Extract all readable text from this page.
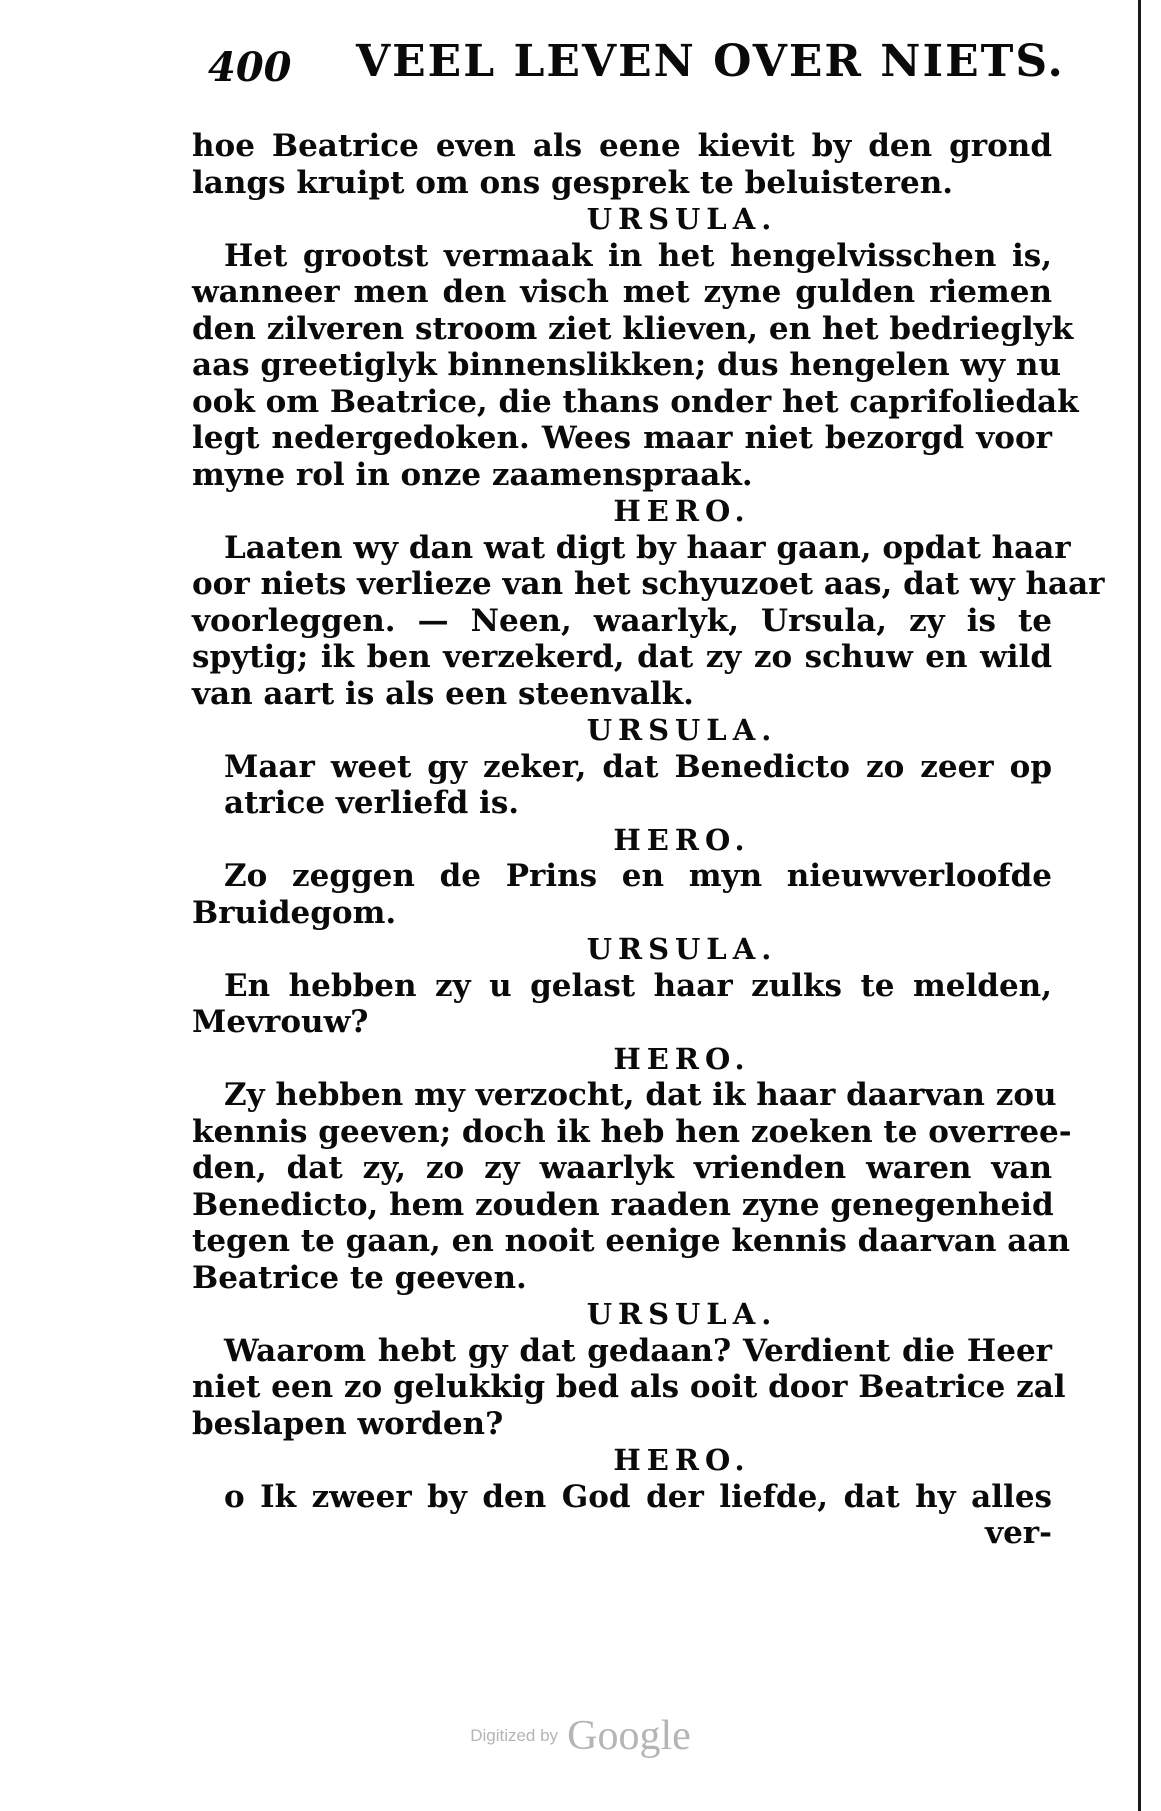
400 VEEL LEVEN OVER NIETS.
hoe Beatrice even als eene kievit by den grond
langs kruipt om ons gesprek te beluisteren.
URSULA.
Het grootst vermaak in het hengelvisschen is,
wanneer men den visch met zyne gulden riemen
den zilveren stroom ziet klieven, en het bedrieglyk
aas greetiglyk binnenslikken; dus hengelen wy nu
ook om Beatrice, die thans onder het caprifoliedak
legt nedergedoken. Wees maar niet bezorgd voor
myne rol in onze zaamenspraak.
HERO.
Laaten wy dan wat digt by haar gaan, opdat haar
oor niets verlieze van het schyuzoet aas, dat wy haar
voorleggen. — Neen, waarlyk, Ursula, zy is te
spytig; ik ben verzekerd, dat zy zo schuw en wild
van aart is als een steenvalk.
URSULA.
Maar weet gy zeker, dat Benedicto zo zeer op
atrice verliefd is.
HERO.
Zo zeggen de Prins en myn nieuwverloofde
Bruidegom.
URSULA.
En hebben zy u gelast haar zulks te melden,
Mevrouw?
HERO.
Zy hebben my verzocht, dat ik haar daarvan zou
kennis geeven; doch ik heb hen zoeken te overree-
den, dat zy, zo zy waarlyk vrienden waren van
Benedicto, hem zouden raaden zyne genegenheid
tegen te gaan, en nooit eenige kennis daarvan aan
Beatrice te geeven.
URSULA.
Waarom hebt gy dat gedaan? Verdient die Heer
niet een zo gelukkig bed als ooit door Beatrice zal
beslapen worden?
HERO.
o Ik zweer by den God der liefde, dat hy alles
ver-
Digitized by Google
